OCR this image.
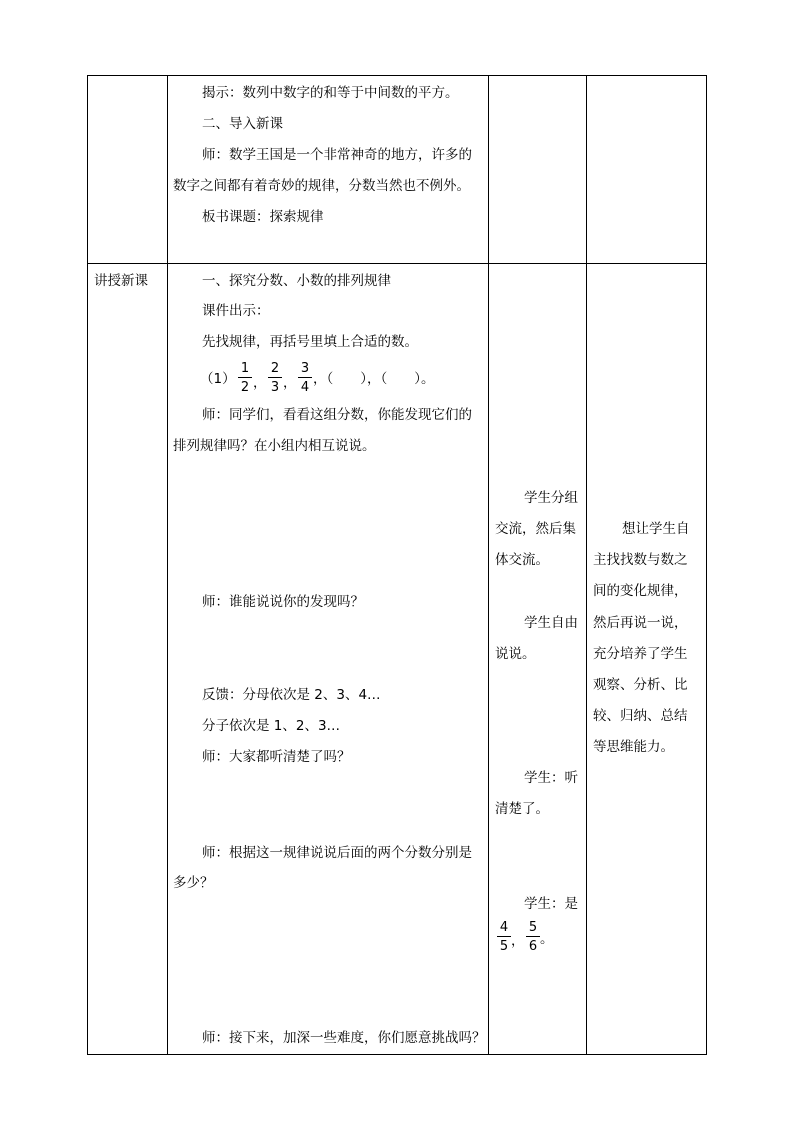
揭示：数列中数字的和等于中间数的平方。
二、导入新课
师：数学王国是一个非常神奇的地方，许多的
数字之间都有着奇妙的规律，分数当然也不例外。
板书课题：探索规律
讲授新课	一、探究分数、小数的排列规律
课件出示：
先找规律，再括号里填上合适的数。
（1）
1
2 ，
2
3 ，
3
4
，（　　），（　　）。
师：同学们，看看这组分数，你能发现它们的
排列规律吗？在小组内相互说说。
师：谁能说说你的发现吗？
反馈：分母依次是 2、3、4…
分子依次是 1、2、3…
师：大家都听清楚了吗？
师：根据这一规律说说后面的两个分数分别是
多少？
师：接下来，加深一些难度，你们愿意挑战吗？
学生分组
交流，然后集
体交流。
学生自由
说说。
学生：听
清楚了。
学生：是
4
5 ，
5
6 。
想让学生自
主找找数与数之
间的变化规律，
然后再说一说，
充分培养了学生
观察、分析、比
较、归纳、总结
等思维能力。
